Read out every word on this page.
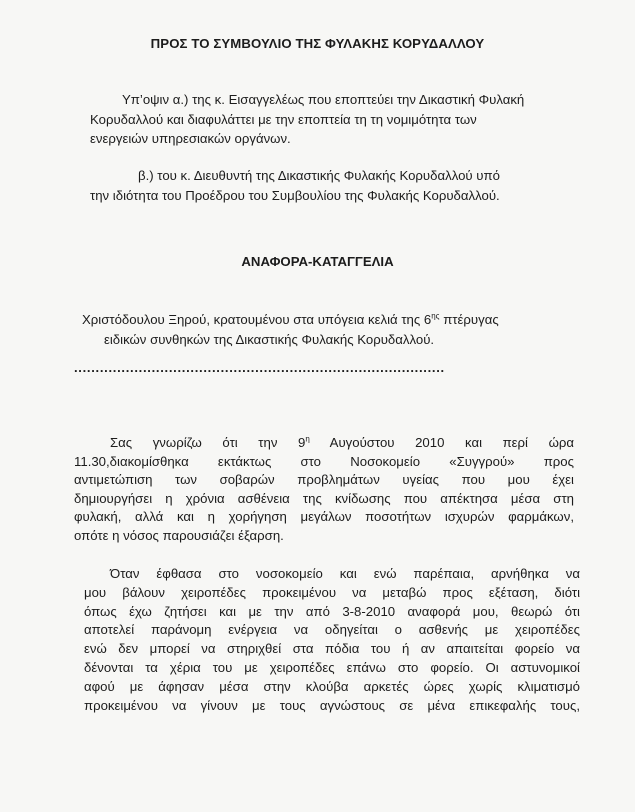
ΠΡΟΣ ΤΟ ΣΥΜΒΟΥΛΙΟ ΤΗΣ ΦΥΛΑΚΗΣ ΚΟΡΥΔΑΛΛΟΥ
Υπ’οψιν α.) της κ. Εισαγγελέως που εποπτεύει την Δικαστική Φυλακή
Κορυδαλλού και διαφυλάττει με την εποπτεία τη τη νομιμότητα των
ενεργειών υπηρεσιακών οργάνων.
β.) του κ. Διευθυντή της Δικαστικής Φυλακής Κορυδαλλού υπό
την ιδιότητα του Προέδρου του Συμβουλίου της Φυλακής Κορυδαλλού.
ΑΝΑΦΟΡΑ-ΚΑΤΑΓΓΕΛΙΑ
Χριστόδουλου Ξηρού, κρατουμένου στα υπόγεια κελιά της $6^{\eta\varsigma}$ πτέρυγας
ειδικών συνθηκών της Δικαστικής Φυλακής Κορυδαλλού.
......................................................................................
Σας γνωρίζω ότι την $9^\eta$ Αυγούστου 2010 και περί ώρα
11.30,διακομίσθηκα εκτάκτως στο Νοσοκομείο «Συγγρού» προς
αντιμετώπιση των σοβαρών προβλημάτων υγείας που μου έχει
δημιουργήσει η χρόνια ασθένεια της κνίδωσης που απέκτησα μέσα στη
φυλακή, αλλά και η χορήγηση μεγάλων ποσοτήτων ισχυρών φαρμάκων,
οπότε η νόσος παρουσιάζει έξαρση.
Όταν έφθασα στο νοσοκομείο και ενώ παρέπαια, αρνήθηκα να
μου βάλουν χειροπέδες προκειμένου να μεταβώ προς εξέταση, διότι
όπως έχω ζητήσει και με την από 3-8-2010 αναφορά μου, θεωρώ ότι
αποτελεί παράνομη ενέργεια να οδηγείται ο ασθενής με χειροπέδες
ενώ δεν μπορεί να στηριχθεί στα πόδια του ή αν απαιτείται φορείο να
δένονται τα χέρια του με χειροπέδες επάνω στο φορείο. Οι αστυνομικοί
αφού με άφησαν μέσα στην κλούβα αρκετές ώρες χωρίς κλιματισμό
προκειμένου να γίνουν με τους αγνώστους σε μένα επικεφαλής τους,
